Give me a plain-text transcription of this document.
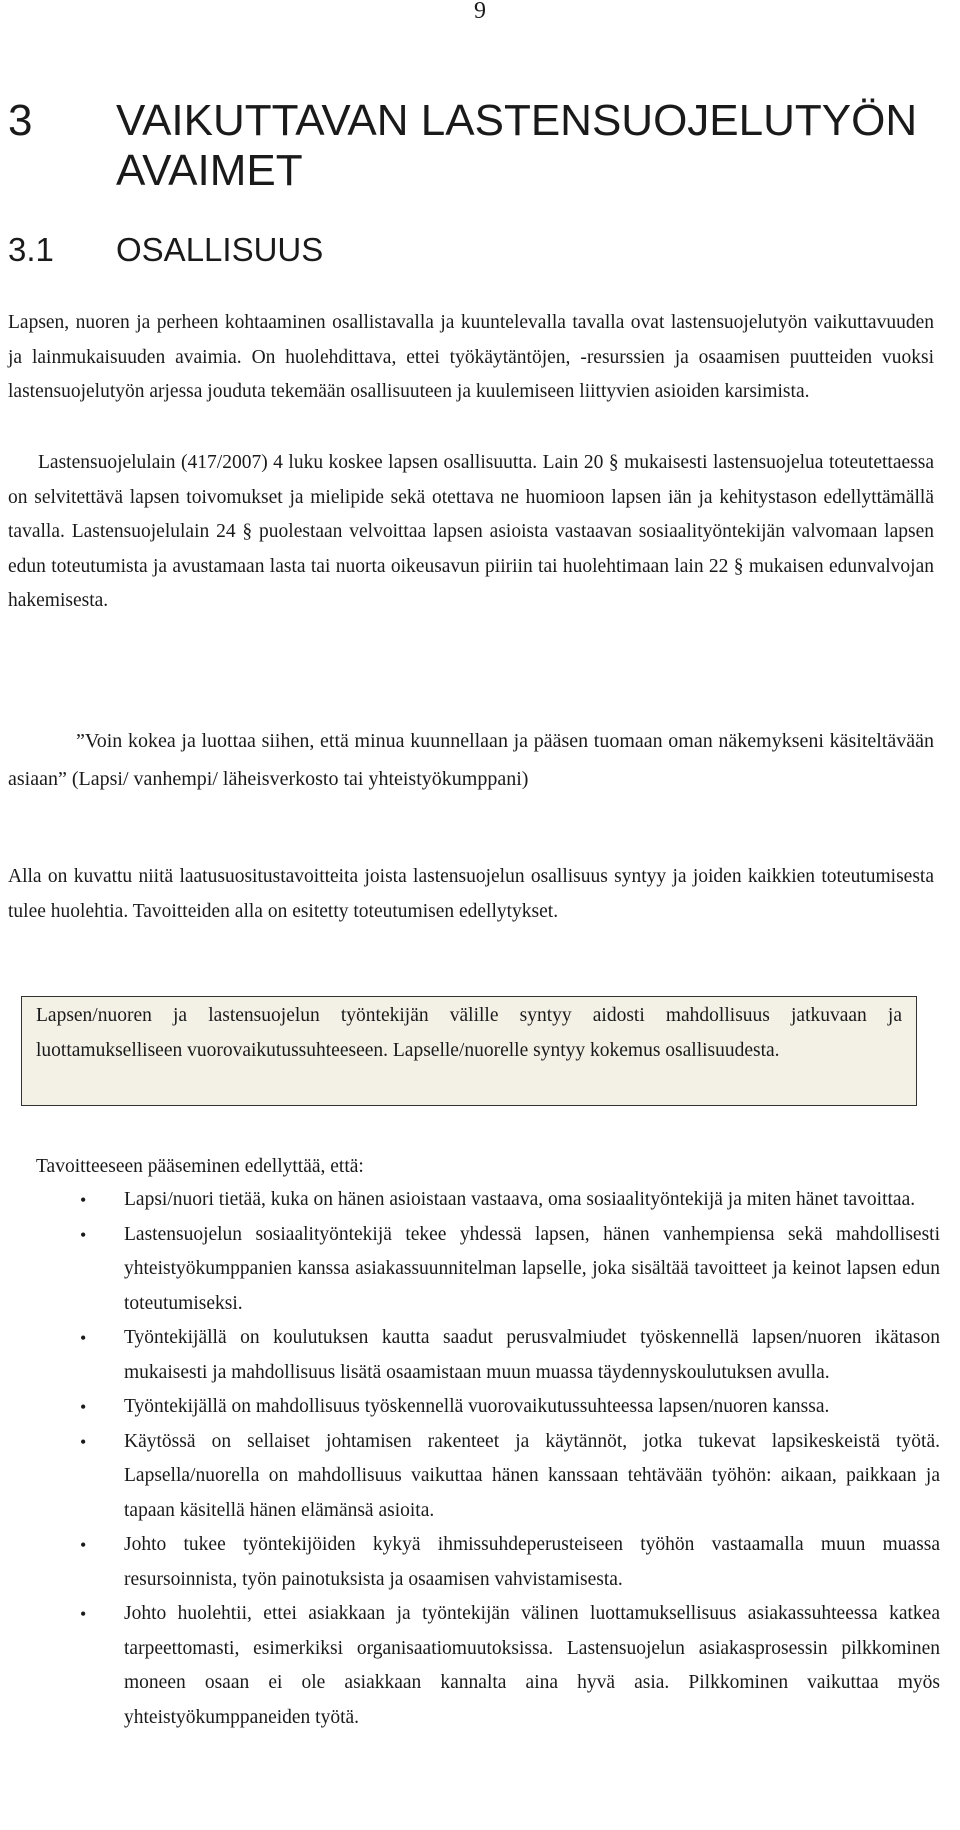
9
3 VAIKUTTAVAN LASTENSUOJELUTYÖN AVAIMET
3.1 OSALLISUUS

Lapsen, nuoren ja perheen kohtaaminen osallistavalla ja kuuntelevalla tavalla ovat lastensuojelutyön vaikuttavuuden ja lainmukaisuuden avaimia. On huolehdittava, ettei työkäytäntöjen, -resurssien ja osaamisen puutteiden vuoksi lastensuojelutyön arjessa jouduta tekemään osallisuuteen ja kuulemiseen liittyvien asioiden karsimista.

Lastensuojelulain (417/2007) 4 luku koskee lapsen osallisuutta. Lain 20 § mukaisesti lastensuojelua toteutettaessa on selvitettävä lapsen toivomukset ja mielipide sekä otettava ne huomioon lapsen iän ja kehitystason edellyttämällä tavalla. Lastensuojelulain 24 § puolestaan velvoittaa lapsen asioista vastaavan sosiaalityöntekijän valvomaan lapsen edun toteutumista ja avustamaan lasta tai nuorta oikeusavun piiriin tai huolehtimaan lain 22 § mukaisen edunvalvojan hakemisesta.

”Voin kokea ja luottaa siihen, että minua kuunnellaan ja pääsen tuomaan oman näkemykseni käsiteltävään asiaan” (Lapsi/ vanhempi/ läheisverkosto tai yhteistyökumppani)

Alla on kuvattu niitä laatusuositustavoitteita joista lastensuojelun osallisuus syntyy ja joiden kaikkien toteutumisesta tulee huolehtia. Tavoitteiden alla on esitetty toteutumisen edellytykset.

Lapsen/nuoren ja lastensuojelun työntekijän välille syntyy aidosti mahdollisuus jatkuvaan ja luottamukselliseen vuorovaikutussuhteeseen. Lapselle/nuorelle syntyy kokemus osallisuudesta.

Tavoitteeseen pääseminen edellyttää, että:

• Lapsi/nuori tietää, kuka on hänen asioistaan vastaava, oma sosiaalityöntekijä ja miten hänet tavoittaa.
• Lastensuojelun sosiaalityöntekijä tekee yhdessä lapsen, hänen vanhempiensa sekä mahdollisesti yhteistyökumppanien kanssa asiakassuunnitelman lapselle, joka sisältää tavoitteet ja keinot lapsen edun toteutumiseksi.
• Työntekijällä on koulutuksen kautta saadut perusvalmiudet työskennellä lapsen/nuoren ikätason mukaisesti ja mahdollisuus lisätä osaamistaan muun muassa täydennyskoulutuksen avulla.
• Työntekijällä on mahdollisuus työskennellä vuorovaikutussuhteessa lapsen/nuoren kanssa.
• Käytössä on sellaiset johtamisen rakenteet ja käytännöt, jotka tukevat lapsikeskeistä työtä. Lapsella/nuorella on mahdollisuus vaikuttaa hänen kanssaan tehtävään työhön: aikaan, paikkaan ja tapaan käsitellä hänen elämänsä asioita.
• Johto tukee työntekijöiden kykyä ihmissuhdeperusteiseen työhön vastaamalla muun muassa resursoinnista, työn painotuksista ja osaamisen vahvistamisesta.
• Johto huolehtii, ettei asiakkaan ja työntekijän välinen luottamuksellisuus asiakassuhteessa katkea tarpeettomasti, esimerkiksi organisaatiomuutoksissa. Lastensuojelun asiakasprosessin pilkkominen moneen osaan ei ole asiakkaan kannalta aina hyvä asia. Pilkkominen vaikuttaa myös yhteistyökumppaneiden työtä.
